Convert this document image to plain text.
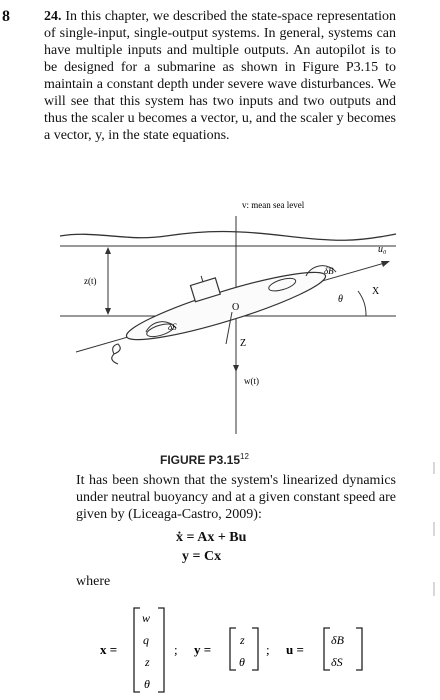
8 24. In this chapter, we described the state-space representation of single-input, single-output systems. In general, systems can have multiple inputs and multiple outputs. An autopilot is to be designed for a submarine as shown in Figure P3.15 to maintain a constant depth under severe wave disturbances. We will see that this system has two inputs and two outputs and thus the scaler u becomes a vector, u, and the scaler y becomes a vector, y, in the state equations.
v: mean sea level
u₀
z(t)
δB
X
θ
O
δS
Z
w(t)
FIGURE P3.15$^{12}$
It has been shown that the system's linearized dynamics under neutral buoyancy and at a given constant speed are given by (Liceaga-Castro, 2009):
ẋ = Ax + Bu
y = Cx
where
x =
w
q
z
θ
; y =
z
θ
; u =
δB
δS
